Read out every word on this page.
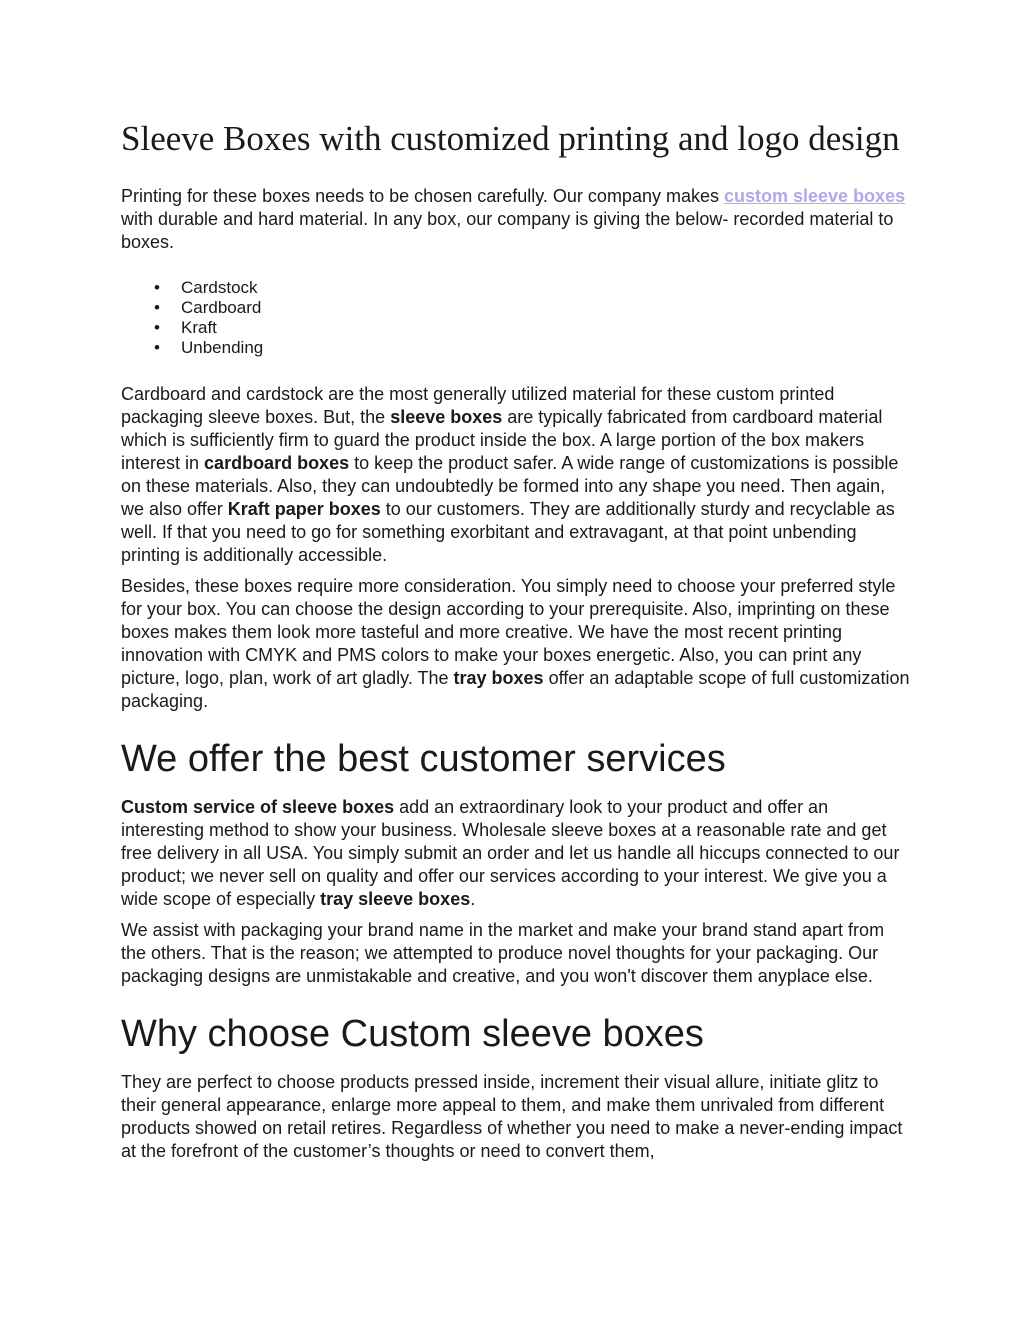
Sleeve Boxes with customized printing and logo design

Printing for these boxes needs to be chosen carefully. Our company makes custom sleeve boxes with durable and hard material. In any box, our company is giving the below- recorded material to boxes.

• Cardstock
• Cardboard
• Kraft
• Unbending

Cardboard and cardstock are the most generally utilized material for these custom printed packaging sleeve boxes. But, the sleeve boxes are typically fabricated from cardboard material which is sufficiently firm to guard the product inside the box. A large portion of the box makers interest in cardboard boxes to keep the product safer. A wide range of customizations is possible on these materials. Also, they can undoubtedly be formed into any shape you need. Then again, we also offer Kraft paper boxes to our customers. They are additionally sturdy and recyclable as well. If that you need to go for something exorbitant and extravagant, at that point unbending printing is additionally accessible.

Besides, these boxes require more consideration. You simply need to choose your preferred style for your box. You can choose the design according to your prerequisite. Also, imprinting on these boxes makes them look more tasteful and more creative. We have the most recent printing innovation with CMYK and PMS colors to make your boxes energetic. Also, you can print any picture, logo, plan, work of art gladly. The tray boxes offer an adaptable scope of full customization packaging.

We offer the best customer services

Custom service of sleeve boxes add an extraordinary look to your product and offer an interesting method to show your business. Wholesale sleeve boxes at a reasonable rate and get free delivery in all USA. You simply submit an order and let us handle all hiccups connected to our product; we never sell on quality and offer our services according to your interest. We give you a wide scope of especially tray sleeve boxes.

We assist with packaging your brand name in the market and make your brand stand apart from the others. That is the reason; we attempted to produce novel thoughts for your packaging. Our packaging designs are unmistakable and creative, and you won't discover them anyplace else.

Why choose Custom sleeve boxes

They are perfect to choose products pressed inside, increment their visual allure, initiate glitz to their general appearance, enlarge more appeal to them, and make them unrivaled from different products showed on retail retires. Regardless of whether you need to make a never-ending impact at the forefront of the customer’s thoughts or need to convert them,
